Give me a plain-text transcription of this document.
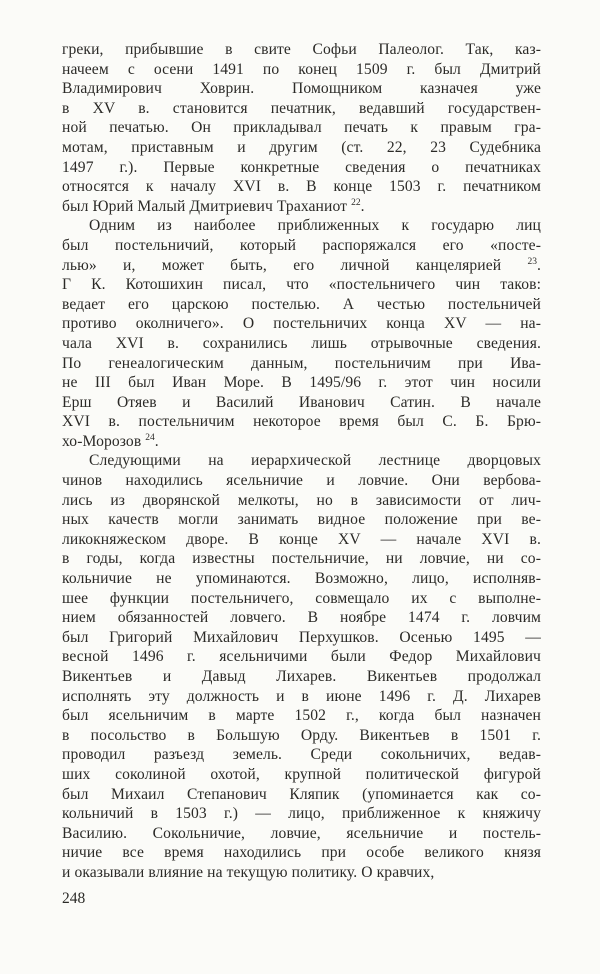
греки, прибывшие в свите Софьи Палеолог. Так, каз-
начеем с осени 1491 по конец 1509 г. был Дмитрий
Владимирович Ховрин. Помощником казначея уже
в XV в. становится печатник, ведавший государствен-
ной печатью. Он прикладывал печать к правым гра-
мотам, приставным и другим (ст. 22, 23 Судебника
1497 г.). Первые конкретные сведения о печатниках
относятся к началу XVI в. В конце 1503 г. печатником
был Юрий Малый Дмитриевич Траханиот $^{22}$.
Одним из наиболее приближенных к государю лиц
был постельничий, который распоряжался его «посте-
лью» и, может быть, его личной канцелярией $^{23}$.
Г К. Котошихин писал, что «постельничего чин таков:
ведает его царскою постелью. А честью постельничей
противо околничего». О постельничих конца XV — на-
чала XVI в. сохранились лишь отрывочные сведения.
По генеалогическим данным, постельничим при Ива-
не III был Иван Море. В 1495/96 г. этот чин носили
Ерш Отяев и Василий Иванович Сатин. В начале
XVI в. постельничим некоторое время был С. Б. Брю-
хо-Морозов $^{24}$.
Следующими на иерархической лестнице дворцовых
чинов находились ясельничие и ловчие. Они вербова-
лись из дворянской мелкоты, но в зависимости от лич-
ных качеств могли занимать видное положение при ве-
ликокняжеском дворе. В конце XV — начале XVI в.
в годы, когда известны постельничие, ни ловчие, ни со-
кольничие не упоминаются. Возможно, лицо, исполняв-
шее функции постельничего, совмещало их с выполне-
нием обязанностей ловчего. В ноябре 1474 г. ловчим
был Григорий Михайлович Перхушков. Осенью 1495 —
весной 1496 г. ясельничими были Федор Михайлович
Викентьев и Давыд Лихарев. Викентьев продолжал
исполнять эту должность и в июне 1496 г. Д. Лихарев
был ясельничим в марте 1502 г., когда был назначен
в посольство в Большую Орду. Викентьев в 1501 г.
проводил разъезд земель. Среди сокольничих, ведав-
ших соколиной охотой, крупной политической фигурой
был Михаил Степанович Кляпик (упоминается как со-
кольничий в 1503 г.) — лицо, приближенное к княжичу
Василию. Сокольничие, ловчие, ясельничие и постель-
ничие все время находились при особе великого князя
и оказывали влияние на текущую политику. О кравчих,
248
